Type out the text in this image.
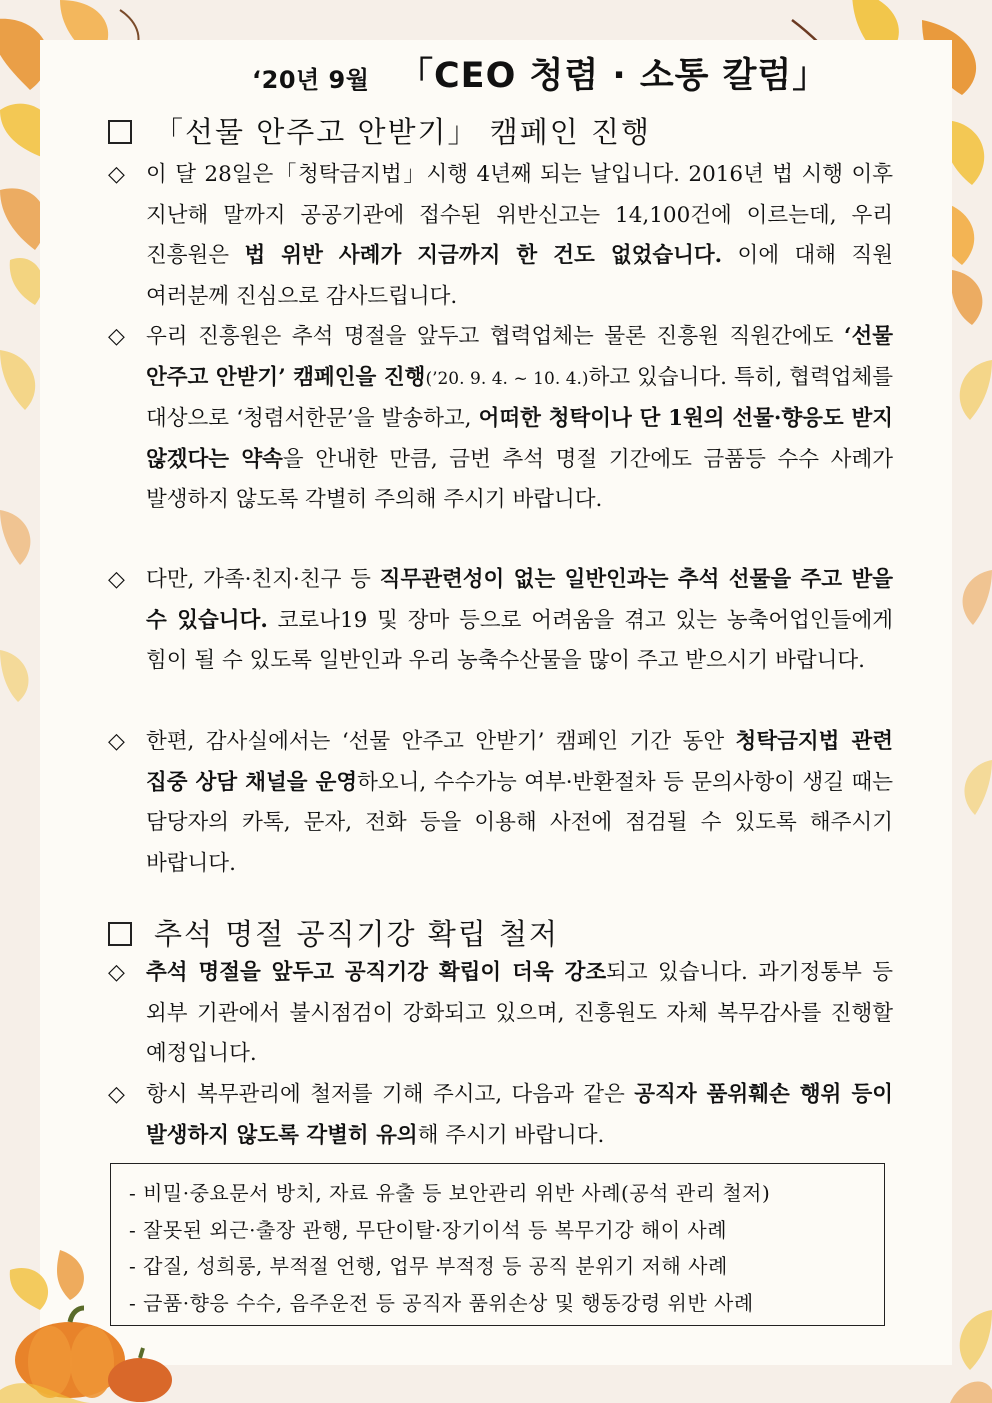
‘20년 9월 「CEO 청렴 · 소통 칼럼」
「선물 안주고 안받기」 캠페인 진행
◇ 이 달 28일은「청탁금지법」시행 4년째 되는 날입니다. 2016년 법 시행 이후 지난해 말까지 공공기관에 접수된 위반신고는 14,100건에 이르는데, 우리 진흥원은 법 위반 사례가 지금까지 한 건도 없었습니다. 이에 대해 직원 여러분께 진심으로 감사드립니다.
◇ 우리 진흥원은 추석 명절을 앞두고 협력업체는 물론 진흥원 직원간에도 ‘선물 안주고 안받기’ 캠페인을 진행(’20. 9. 4. ~ 10. 4.)하고 있습니다. 특히, 협력업체를 대상으로 ‘청렴서한문’을 발송하고, 어떠한 청탁이나 단 1원의 선물·향응도 받지 않겠다는 약속을 안내한 만큼, 금번 추석 명절 기간에도 금품등 수수 사례가 발생하지 않도록 각별히 주의해 주시기 바랍니다.
◇ 다만, 가족·친지·친구 등 직무관련성이 없는 일반인과는 추석 선물을 주고 받을 수 있습니다. 코로나19 및 장마 등으로 어려움을 겪고 있는 농축어업인들에게 힘이 될 수 있도록 일반인과 우리 농축수산물을 많이 주고 받으시기 바랍니다.
◇ 한편, 감사실에서는 ‘선물 안주고 안받기’ 캠페인 기간 동안 청탁금지법 관련 집중 상담 채널을 운영하오니, 수수가능 여부·반환절차 등 문의사항이 생길 때는 담당자의 카톡, 문자, 전화 등을 이용해 사전에 점검될 수 있도록 해주시기 바랍니다.
추석 명절 공직기강 확립 철저
◇ 추석 명절을 앞두고 공직기강 확립이 더욱 강조되고 있습니다. 과기정통부 등 외부 기관에서 불시점검이 강화되고 있으며, 진흥원도 자체 복무감사를 진행할 예정입니다.
◇ 항시 복무관리에 철저를 기해 주시고, 다음과 같은 공직자 품위훼손 행위 등이 발생하지 않도록 각별히 유의해 주시기 바랍니다.
- 비밀·중요문서 방치, 자료 유출 등 보안관리 위반 사례(공석 관리 철저)
- 잘못된 외근·출장 관행, 무단이탈·장기이석 등 복무기강 해이 사례
- 갑질, 성희롱, 부적절 언행, 업무 부적정 등 공직 분위기 저해 사례
- 금품·향응 수수, 음주운전 등 공직자 품위손상 및 행동강령 위반 사례
